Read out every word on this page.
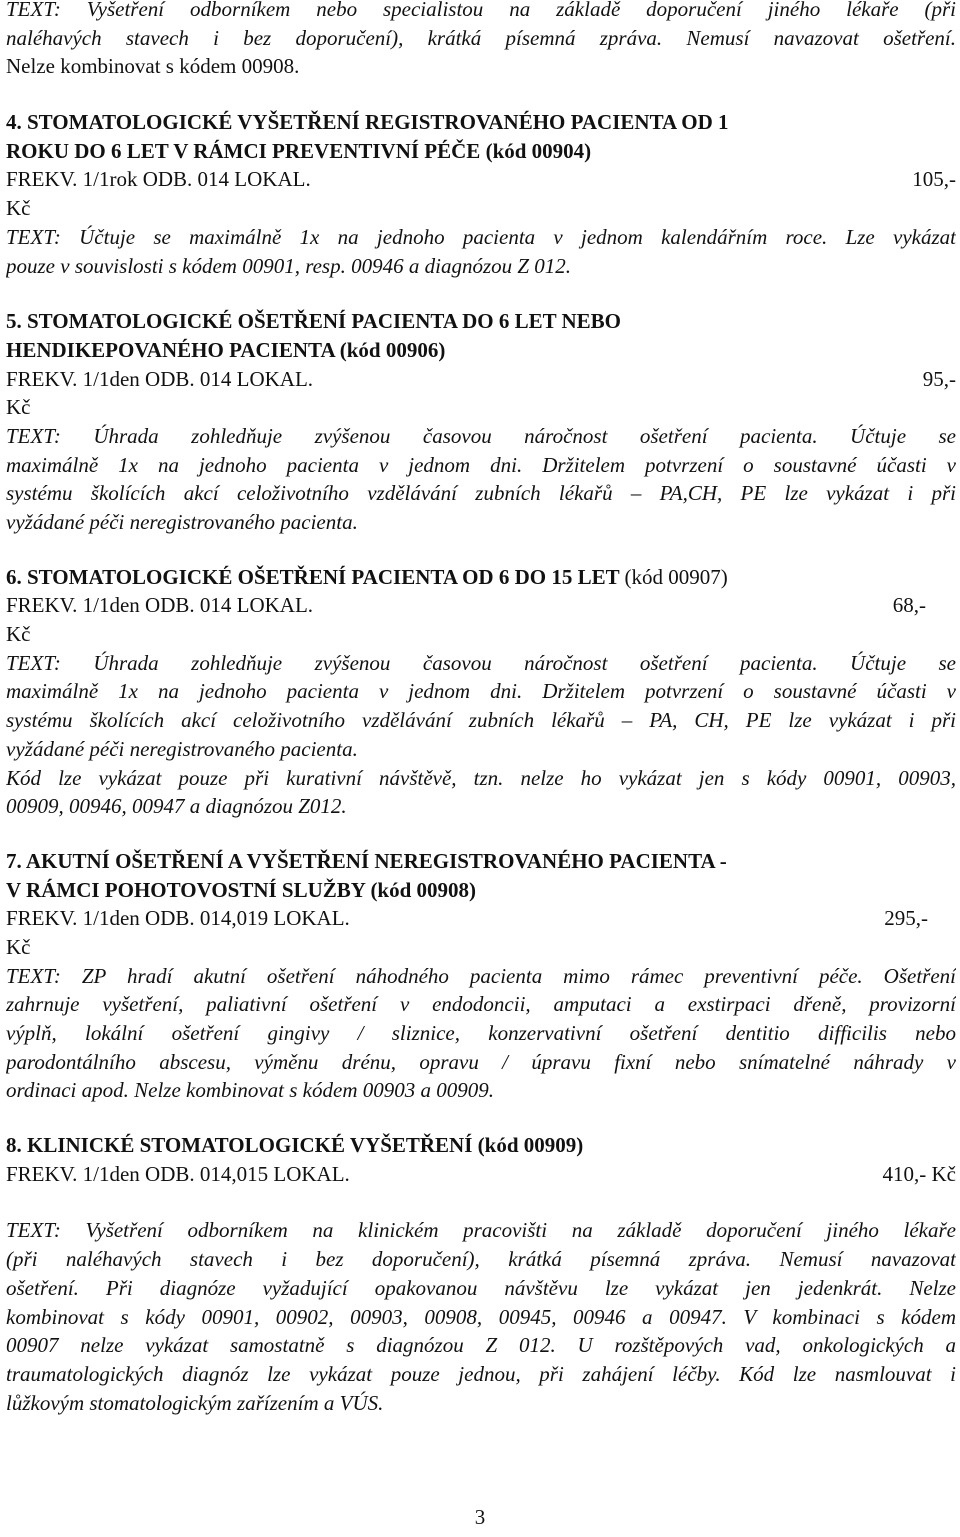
TEXT: Vyšetření odborníkem nebo specialistou na základě doporučení jiného lékaře (při
naléhavých stavech i bez doporučení), krátká písemná zpráva. Nemusí navazovat ošetření.
Nelze kombinovat s kódem 00908.
4. STOMATOLOGICKÉ VYŠETŘENÍ REGISTROVANÉHO PACIENTA OD 1
ROKU DO 6 LET V RÁMCI PREVENTIVNÍ PÉČE (kód 00904)
FREKV. 1/1rok ODB. 014 LOKAL.	105,-
Kč
TEXT: Účtuje se maximálně 1x na jednoho pacienta v jednom kalendářním roce. Lze vykázat
pouze v souvislosti s kódem 00901, resp. 00946 a diagnózou Z 012.
5. STOMATOLOGICKÉ OŠETŘENÍ PACIENTA DO 6 LET NEBO
HENDIKEPOVANÉHO PACIENTA (kód 00906)
FREKV. 1/1den ODB. 014 LOKAL.	95,-
Kč
TEXT: Úhrada zohledňuje zvýšenou časovou náročnost ošetření pacienta. Účtuje se
maximálně 1x na jednoho pacienta v jednom dni. Držitelem potvrzení o soustavné účasti v
systému školících akcí celoživotního vzdělávání zubních lékařů – PA,CH, PE lze vykázat i při
vyžádané péči neregistrovaného pacienta.
6. STOMATOLOGICKÉ OŠETŘENÍ PACIENTA OD 6 DO 15 LET (kód 00907)
FREKV. 1/1den ODB. 014 LOKAL.	68,-
Kč
TEXT: Úhrada zohledňuje zvýšenou časovou náročnost ošetření pacienta. Účtuje se
maximálně 1x na jednoho pacienta v jednom dni. Držitelem potvrzení o soustavné účasti v
systému školících akcí celoživotního vzdělávání zubních lékařů – PA, CH, PE lze vykázat i při
vyžádané péči neregistrovaného pacienta.
Kód lze vykázat pouze při kurativní návštěvě, tzn. nelze ho vykázat jen s kódy 00901, 00903,
00909, 00946, 00947 a diagnózou Z012.
7. AKUTNÍ OŠETŘENÍ A VYŠETŘENÍ NEREGISTROVANÉHO PACIENTA -
V RÁMCI POHOTOVOSTNÍ SLUŽBY (kód 00908)
FREKV. 1/1den ODB. 014,019 LOKAL.	295,-
Kč
TEXT: ZP hradí akutní ošetření náhodného pacienta mimo rámec preventivní péče. Ošetření
zahrnuje vyšetření, paliativní ošetření v endodoncii, amputaci a exstirpaci dřeně, provizorní
výplň, lokální ošetření gingivy / sliznice, konzervativní ošetření dentitio difficilis nebo
parodontálního abscesu, výměnu drénu, opravu / úpravu fixní nebo snímatelné náhrady v
ordinaci apod. Nelze kombinovat s kódem 00903 a 00909.
8. KLINICKÉ STOMATOLOGICKÉ VYŠETŘENÍ (kód 00909)
FREKV. 1/1den ODB. 014,015 LOKAL.	410,- Kč
TEXT: Vyšetření odborníkem na klinickém pracovišti na základě doporučení jiného lékaře
(při naléhavých stavech i bez doporučení), krátká písemná zpráva. Nemusí navazovat
ošetření. Při diagnóze vyžadující opakovanou návštěvu lze vykázat jen jedenkrát. Nelze
kombinovat s kódy 00901, 00902, 00903, 00908, 00945, 00946 a 00947. V kombinaci s kódem
00907 nelze vykázat samostatně s diagnózou Z 012. U rozštěpových vad, onkologických a
traumatologických diagnóz lze vykázat pouze jednou, při zahájení léčby. Kód lze nasmlouvat i
lůžkovým stomatologickým zařízením a VÚS.
3
